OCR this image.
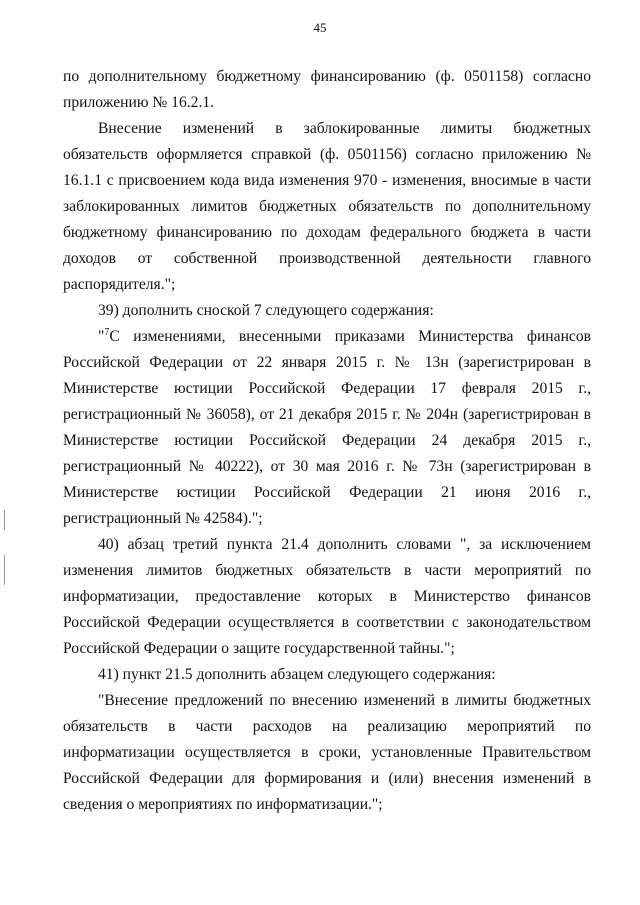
45

по дополнительному бюджетному финансированию (ф. 0501158) согласно приложению № 16.2.1.

Внесение изменений в заблокированные лимиты бюджетных обязательств оформляется справкой (ф. 0501156) согласно приложению № 16.1.1 с присвоением кода вида изменения 970 - изменения, вносимые в части заблокированных лимитов бюджетных обязательств по дополнительному бюджетному финансированию по доходам федерального бюджета в части доходов от собственной производственной деятельности главного распорядителя.";

39) дополнить сноской 7 следующего содержания:

"$^7$С изменениями, внесенными приказами Министерства финансов Российской Федерации от 22 января 2015 г. № 13н (зарегистрирован в Министерстве юстиции Российской Федерации 17 февраля 2015 г., регистрационный № 36058), от 21 декабря 2015 г. № 204н (зарегистрирован в Министерстве юстиции Российской Федерации 24 декабря 2015 г., регистрационный № 40222), от 30 мая 2016 г. № 73н (зарегистрирован в Министерстве юстиции Российской Федерации 21 июня 2016 г., регистрационный № 42584).";

40) абзац третий пункта 21.4 дополнить словами ", за исключением изменения лимитов бюджетных обязательств в части мероприятий по информатизации, предоставление которых в Министерство финансов Российской Федерации осуществляется в соответствии с законодательством Российской Федерации о защите государственной тайны.";

41) пункт 21.5 дополнить абзацем следующего содержания:

"Внесение предложений по внесению изменений в лимиты бюджетных обязательств в части расходов на реализацию мероприятий по информатизации осуществляется в сроки, установленные Правительством Российской Федерации для формирования и (или) внесения изменений в сведения о мероприятиях по информатизации.";
